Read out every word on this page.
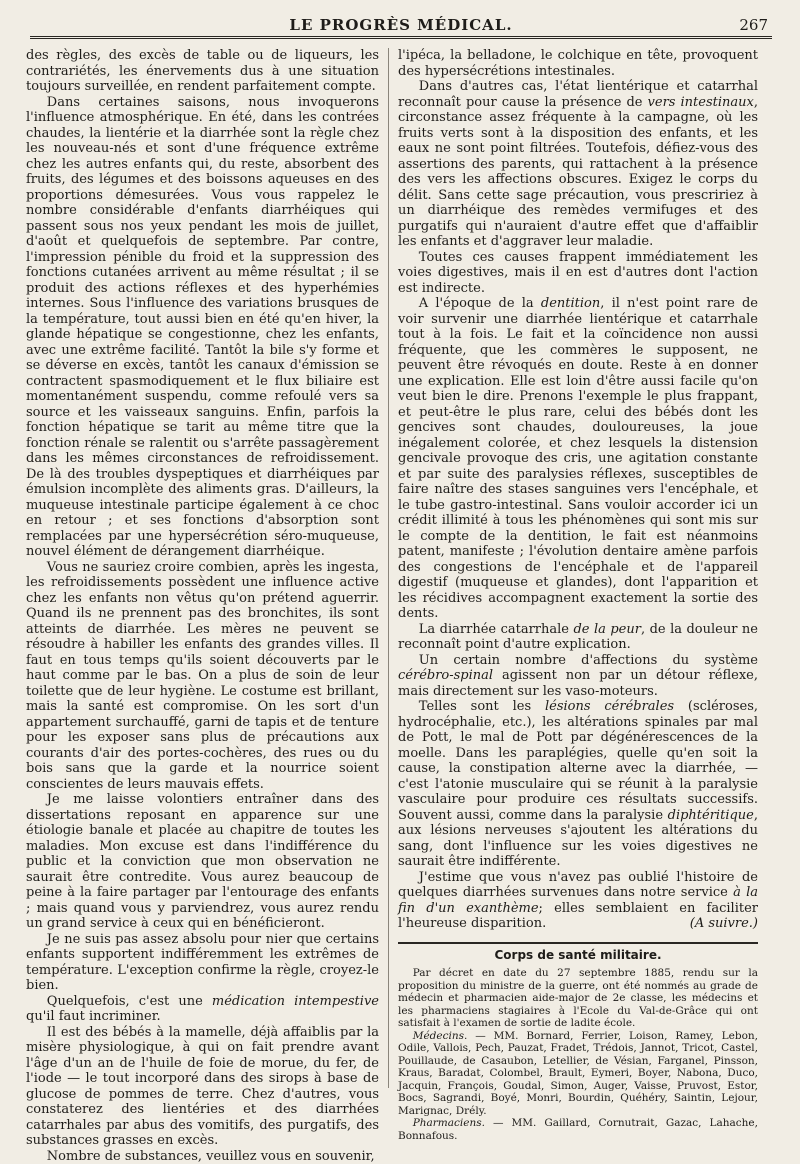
LE PROGRÈS MÉDICAL.	267

des règles, des excès de table ou de liqueurs, les contrariétés, les énervements dus à une situation toujours surveillée, en rendent parfaitement compte.

Dans certaines saisons, nous invoquerons l'influence atmosphérique. En été, dans les contrées chaudes, la lientérie et la diarrhée sont la règle chez les nouveau-nés et sont d'une fréquence extrême chez les autres enfants qui, du reste, absorbent des fruits, des légumes et des boissons aqueuses en des proportions démesurées. Vous vous rappelez le nombre considérable d'enfants diarrhéiques qui passent sous nos yeux pendant les mois de juillet, d'août et quelquefois de septembre. Par contre, l'impression pénible du froid et la suppression des fonctions cutanées arrivent au même résultat ; il se produit des actions réflexes et des hyperhémies internes. Sous l'influence des variations brusques de la température, tout aussi bien en été qu'en hiver, la glande hépatique se congestionne, chez les enfants, avec une extrême facilité. Tantôt la bile s'y forme et se déverse en excès, tantôt les canaux d'émission se contractent spasmodiquement et le flux biliaire est momentanément suspendu, comme refoulé vers sa source et les vaisseaux sanguins. Enfin, parfois la fonction hépatique se tarit au même titre que la fonction rénale se ralentit ou s'arrête passagèrement dans les mêmes circonstances de refroidissement. De là des troubles dyspeptiques et diarrhéiques par émulsion incomplète des aliments gras. D'ailleurs, la muqueuse intestinale participe également à ce choc en retour ; et ses fonctions d'absorption sont remplacées par une hypersécrétion séro-muqueuse, nouvel élément de dérangement diarrhéique.

Vous ne sauriez croire combien, après les ingesta, les refroidissements possèdent une influence active chez les enfants non vêtus qu'on prétend aguerrir. Quand ils ne prennent pas des bronchites, ils sont atteints de diarrhée. Les mères ne peuvent se résoudre à habiller les enfants des grandes villes. Il faut en tous temps qu'ils soient découverts par le haut comme par le bas. On a plus de soin de leur toilette que de leur hygiène. Le costume est brillant, mais la santé est compromise. On les sort d'un appartement surchauffé, garni de tapis et de tenture pour les exposer sans plus de précautions aux courants d'air des portes-cochères, des rues ou du bois sans que la garde et la nourrice soient conscientes de leurs mauvais effets.

Je me laisse volontiers entraîner dans des dissertations reposant en apparence sur une étiologie banale et placée au chapitre de toutes les maladies. Mon excuse est dans l'indifférence du public et la conviction que mon observation ne saurait être contredite. Vous aurez beaucoup de peine à la faire partager par l'entourage des enfants ; mais quand vous y parviendrez, vous aurez rendu un grand service à ceux qui en bénéficieront.

Je ne suis pas assez absolu pour nier que certains enfants supportent indifféremment les extrêmes de température. L'exception confirme la règle, croyez-le bien.

Quelquefois, c'est une médication intempestive qu'il faut incriminer.

Il est des bébés à la mamelle, déjà affaiblis par la misère physiologique, à qui on fait prendre avant l'âge d'un an de l'huile de foie de morue, du fer, de l'iode — le tout incorporé dans des sirops à base de glucose de pommes de terre. Chez d'autres, vous constaterez des lientéries et des diarrhées catarrhales par abus des vomitifs, des purgatifs, des substances grasses en excès.

Nombre de substances, veuillez vous en souvenir,

l'ipéca, la belladone, le colchique en tête, provoquent des hypersécrétions intestinales.

Dans d'autres cas, l'état lientérique et catarrhal reconnaît pour cause la présence de vers intestinaux, circonstance assez fréquente à la campagne, où les fruits verts sont à la disposition des enfants, et les eaux ne sont point filtrées. Toutefois, défiez-vous des assertions des parents, qui rattachent à la présence des vers les affections obscures. Exigez le corps du délit. Sans cette sage précaution, vous prescririez à un diarrhéique des remèdes vermifuges et des purgatifs qui n'auraient d'autre effet que d'affaiblir les enfants et d'aggraver leur maladie.

Toutes ces causes frappent immédiatement les voies digestives, mais il en est d'autres dont l'action est indirecte.

A l'époque de la dentition, il n'est point rare de voir survenir une diarrhée lientérique et catarrhale tout à la fois. Le fait et la coïncidence non aussi fréquente, que les commères le supposent, ne peuvent être révoqués en doute. Reste à en donner une explication. Elle est loin d'être aussi facile qu'on veut bien le dire. Prenons l'exemple le plus frappant, et peut-être le plus rare, celui des bébés dont les gencives sont chaudes, douloureuses, la joue inégalement colorée, et chez lesquels la distension gencivale provoque des cris, une agitation constante et par suite des paralysies réflexes, susceptibles de faire naître des stases sanguines vers l'encéphale, et le tube gastro-intestinal. Sans vouloir accorder ici un crédit illimité à tous les phénomènes qui sont mis sur le compte de la dentition, le fait est néanmoins patent, manifeste ; l'évolution dentaire amène parfois des congestions de l'encéphale et de l'appareil digestif (muqueuse et glandes), dont l'apparition et les récidives accompagnent exactement la sortie des dents.

La diarrhée catarrhale de la peur, de la douleur ne reconnaît point d'autre explication.

Un certain nombre d'affections du système cérébro-spinal agissent non par un détour réflexe, mais directement sur les vaso-moteurs.

Telles sont les lésions cérébrales (scléroses, hydrocéphalie, etc.), les altérations spinales par mal de Pott, le mal de Pott par dégénérescences de la moelle. Dans les paraplégies, quelle qu'en soit la cause, la constipation alterne avec la diarrhée, — c'est l'atonie musculaire qui se réunit à la paralysie vasculaire pour produire ces résultats successifs. Souvent aussi, comme dans la paralysie diphtéritique, aux lésions nerveuses s'ajoutent les altérations du sang, dont l'influence sur les voies digestives ne saurait être indifférente.

J'estime que vous n'avez pas oublié l'histoire de quelques diarrhées survenues dans notre service à la fin d'un exanthème; elles semblaient en faciliter l'heureuse disparition.	(A suivre.)

Corps de santé militaire.

Par décret en date du 27 septembre 1885, rendu sur la proposition du ministre de la guerre, ont été nommés au grade de médecin et pharmacien aide-major de 2e classe, les médecins et les pharmaciens stagiaires à l'Ecole du Val-de-Grâce qui ont satisfait à l'examen de sortie de ladite école.

Médecins. — MM. Bornard, Ferrier, Loison, Ramey, Lebon, Odile, Vallois, Pech, Pauzat, Fradet, Trédois, Jannot, Tricot, Castel, Pouillaude, de Casaubon, Letellier, de Vésian, Farganel, Pinsson, Kraus, Baradat, Colombel, Brault, Eymeri, Boyer, Nabona, Duco, Jacquin, François, Goudal, Simon, Auger, Vaisse, Pruvost, Estor, Bocs, Sagrandi, Boyé, Monri, Bourdin, Quéhéry, Saintin, Lejour, Marignac, Drély.

Pharmaciens. — MM. Gaillard, Cornutrait, Gazac, Lahache, Bonnafous.
